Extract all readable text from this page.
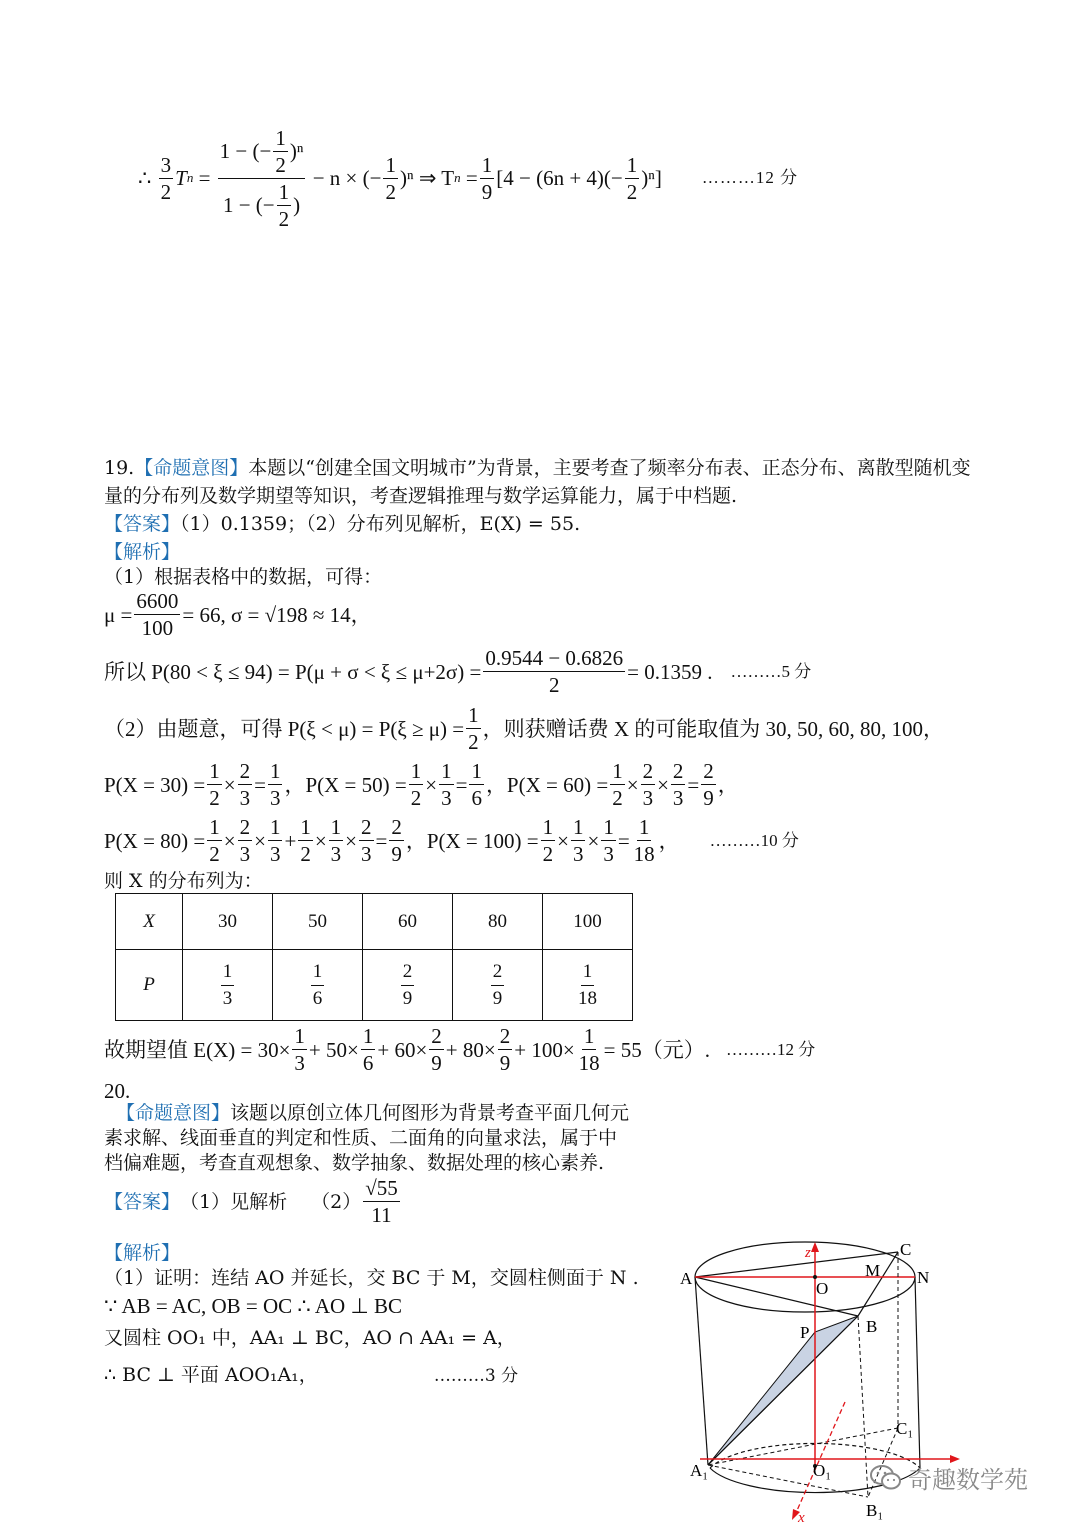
∴
$\frac{3}{2}$ T $n = \frac{1 - (- \frac{1}{2} )^n}{1 - (- \frac{1}{2} )}$
− n × (− $\frac{1}{2} )^n$ ⇒ T n
= $\frac{1}{9} [4 - (6n + 4)(- \frac{1}{2} )^n]$ ………12 分
19.【命题意图】本题以“创建全国文明城市”为背景，主要考查了频率分布表、正态分布、离散型随机变
量的分布列及数学期望等知识，考查逻辑推理与数学运算能力，属于中档题.
【答案】（1）0.1359；（2）分布列见解析，E(X) = 55.
【解析】
（1）根据表格中的数据，可得：
$\mu = \frac{6600}{100} = 66$, σ = √198 ≈ 14，
所以 $P(80 < \xi \le 94) = P(\mu + \sigma < \xi \le \mu+2\sigma) = \frac{0.9544 - 0.6826}{2} = 0.1359$ . ………5 分
（2）由题意，可得 $P(\xi < \mu) = P(\xi \ge \mu) = \frac{1}{2}$ ，则获赠话费 X 的可能取值为 30, 50, 60, 80, 100，
$P(X = 30) = \frac{1}{2} \times \frac{2}{3} = \frac{1}{3}$ ，$P(X = 50) = \frac{1}{2} \times \frac{1}{3} = \frac{1}{6}$ ，$P(X = 60) = \frac{1}{2} \times \frac{2}{3} \times \frac{2}{3} = \frac{2}{9}$ ，
$P(X = 80) = \frac{1}{2} \times \frac{2}{3} \times \frac{1}{3} + \frac{1}{2} \times \frac{1}{3} \times \frac{2}{3} = \frac{2}{9}$ ，$P(X = 100) = \frac{1}{2} \times \frac{1}{3} \times \frac{1}{3} = \frac{1}{18}$ ， ………10 分
则 X 的分布列为：
X	30	50	60	80	100
P	$\frac{1}{3}$	$\frac{1}{6}$	$\frac{2}{9}$	$\frac{2}{9}$	$\frac{1}{18}$
故期望值 $E(X) = 30\times \frac{1}{3} + 50\times \frac{1}{6} + 60\times \frac{2}{9} + 80\times \frac{2}{9} + 100\times \frac{1}{18} = 55$（元）. ………12 分
20.
【命题意图】该题以原创立体几何图形为背景考查平面几何元
素求解、线面垂直的判定和性质、二面角的向量求法，属于中
档偏难题，考查直观想象、数学抽象、数据处理的核心素养.
【答案】 （1）见解析 $(2) \frac{√55}{11}$
【解析】
（1）证明：连结 AO 并延长，交 BC 于 M，交圆柱侧面于 N .
∵ AB = AC, OB = OC ∴ AO ⊥ BC
又圆柱 OO₁ 中，AA₁ ⊥ BC，AO ∩ AA₁ = A，
∴ BC ⊥ 平面 AOO₁A₁，	………3 分
A
C
M N
O
B
P
z
C₁
A₁	O₁
B₁
x
奇趣数学苑
